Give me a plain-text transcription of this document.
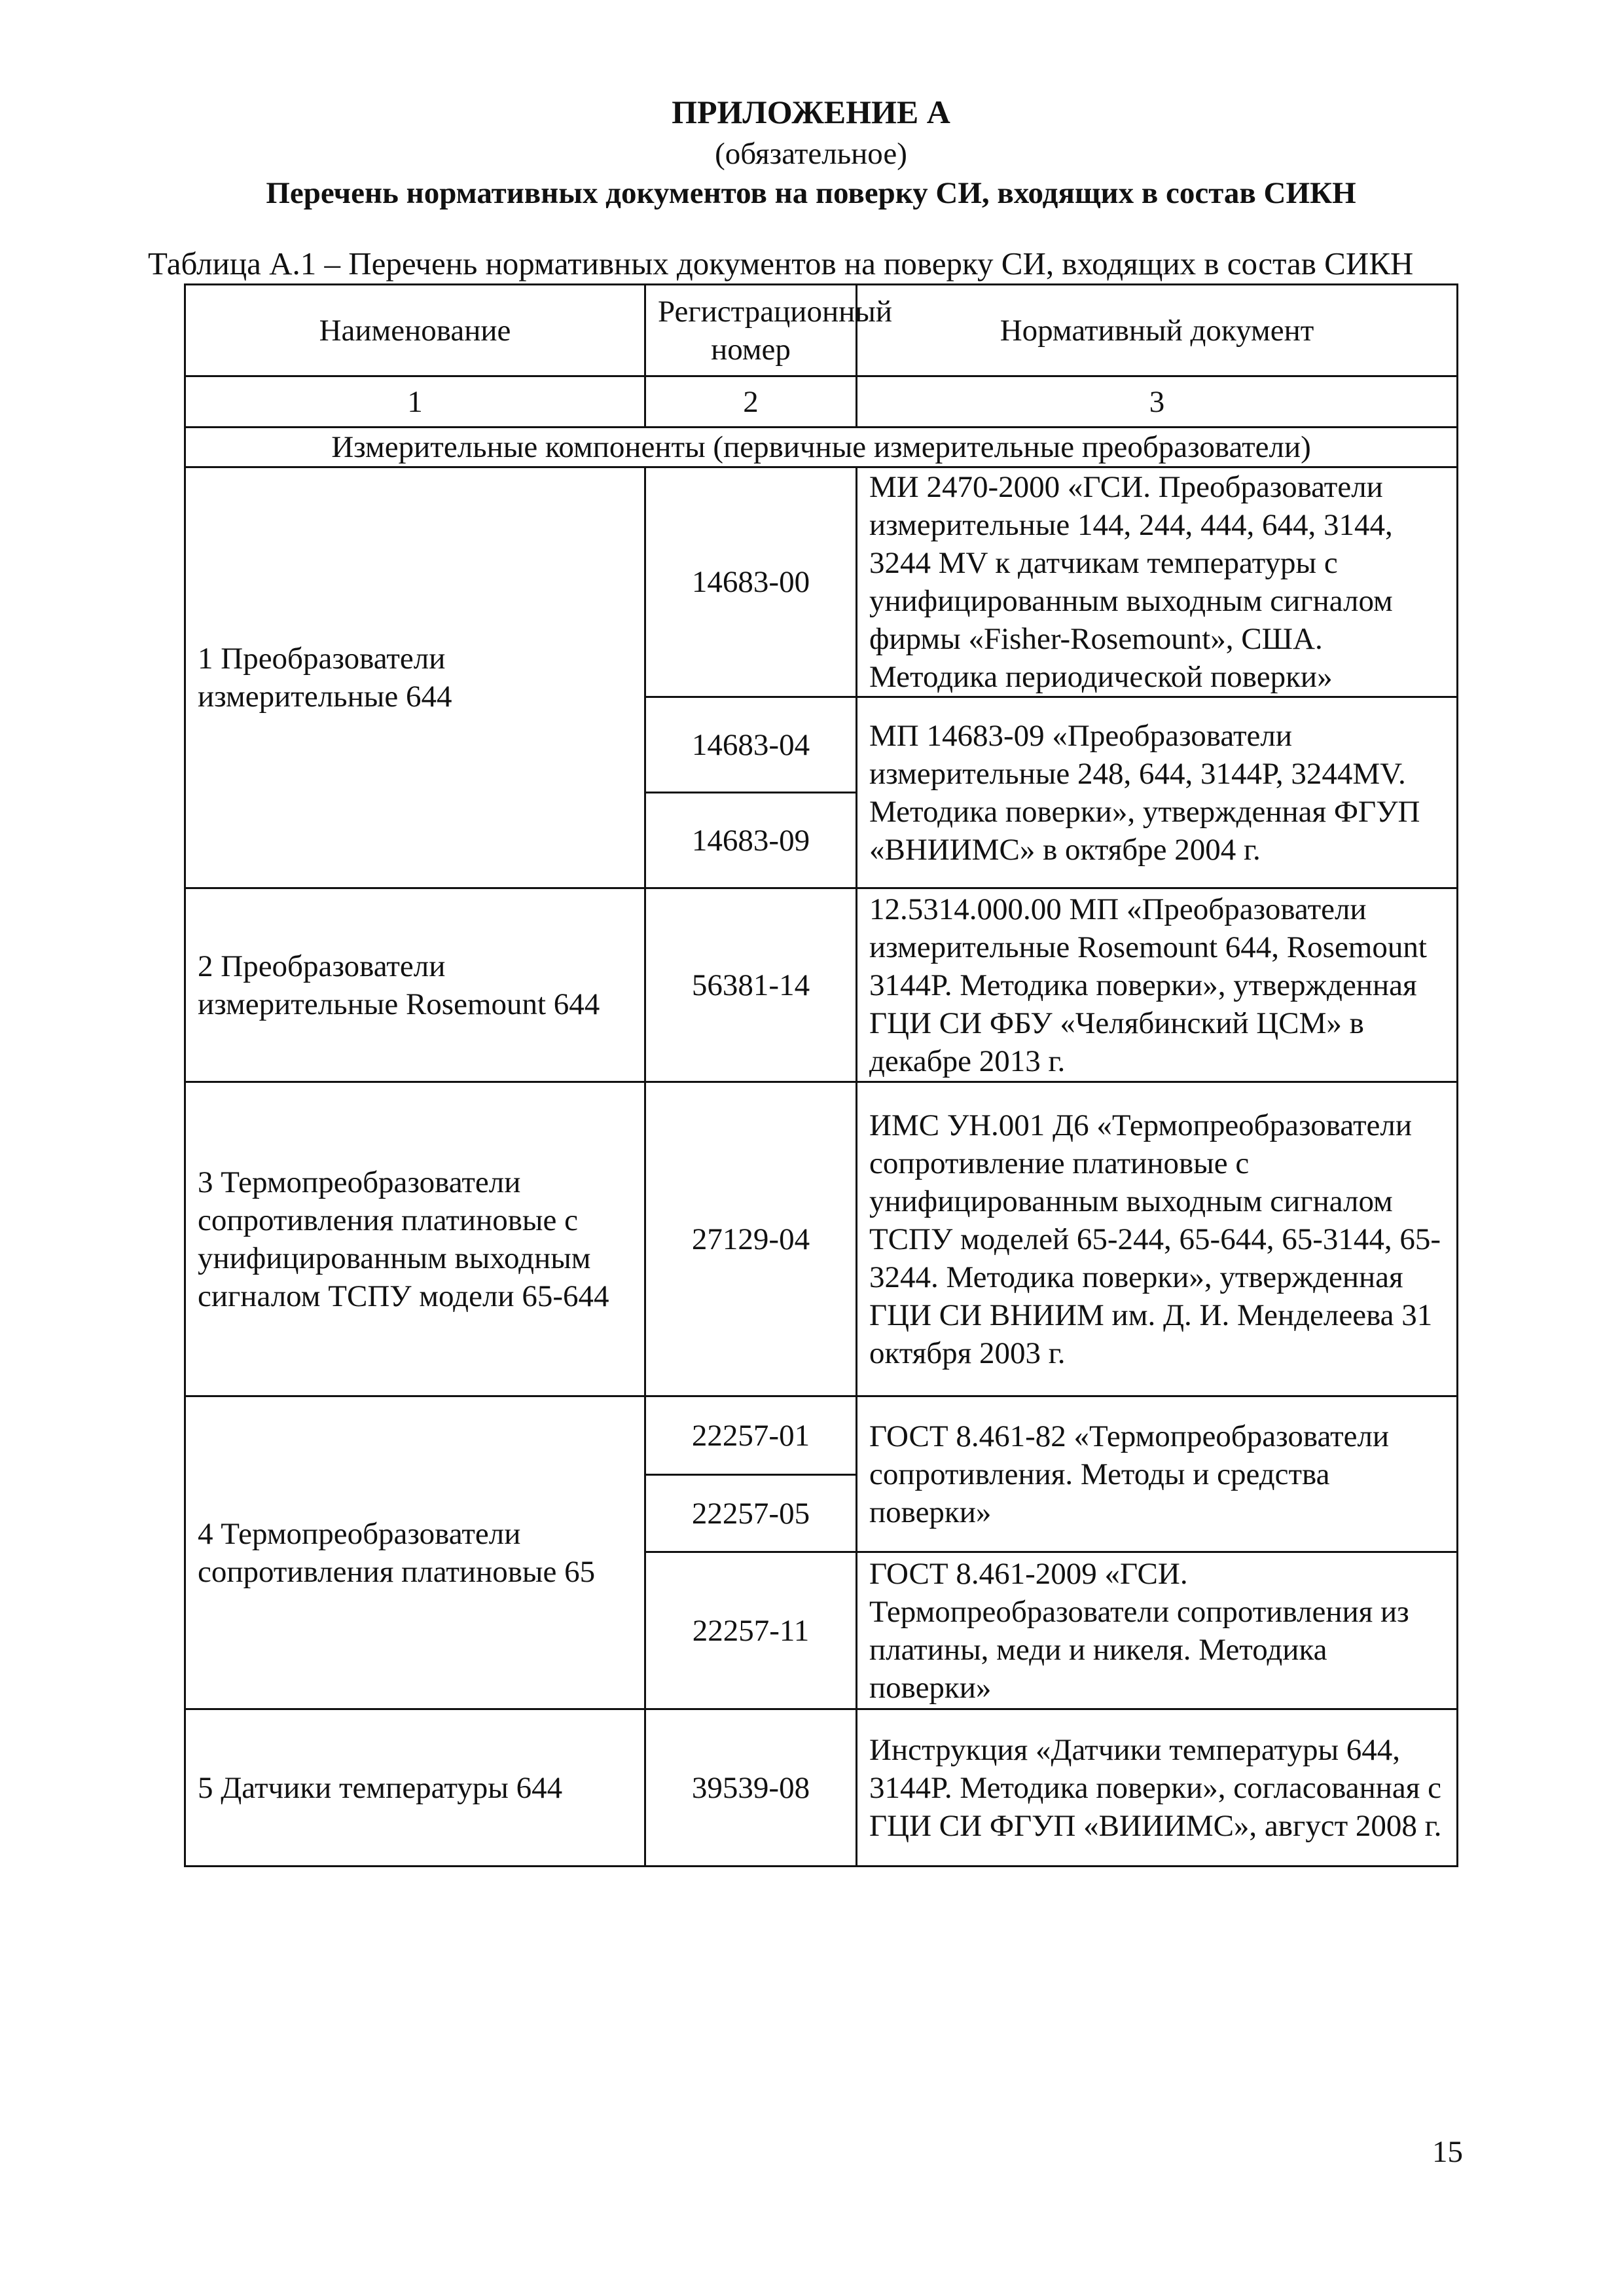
ПРИЛОЖЕНИЕ А
(обязательное)
Перечень нормативных документов на поверку СИ, входящих в состав СИКН
Таблица А.1 – Перечень нормативных документов на поверку СИ, входящих в состав СИКН
Наименование	Регистрационный номер	Нормативный документ
1	2	3
Измерительные компоненты (первичные измерительные преобразователи)		
1 Преобразователи измерительные 644	14683-00	МИ 2470-2000 «ГСИ. Преобразователи измерительные 144, 244, 444, 644, 3144, 3244 MV к датчикам температуры с унифицированным выходным сигналом фирмы «Fisher-Rosemount», США. Методика периодической поверки»
	14683-04	МП 14683-09 «Преобразователи измерительные 248, 644, 3144P, 3244MV. Методика поверки», утвержденная ФГУП «ВНИИМС» в октябре 2004 г.
	14683-09	
2 Преобразователи измерительные Rosemount 644	56381-14	12.5314.000.00 МП «Преобразователи измерительные Rosemount 644, Rosemount 3144P. Методика поверки», утвержденная ГЦИ СИ ФБУ «Челябинский ЦСМ» в декабре 2013 г.
3 Термопреобразователи сопротивления платиновые с унифицированным выходным сигналом ТСПУ модели 65-644	27129-04	ИМС УН.001 Д6 «Термопреобразователи сопротивление платиновые с унифицированным выходным сигналом ТСПУ моделей 65-244, 65-644, 65-3144, 65-3244. Методика поверки», утвержденная ГЦИ СИ ВНИИМ им. Д. И. Менделеева 31 октября 2003 г.
4 Термопреобразователи сопротивления платиновые 65	22257-01	ГОСТ 8.461-82 «Термопреобразователи сопротивления. Методы и средства поверки»
	22257-05	
	22257-11	ГОСТ 8.461-2009 «ГСИ. Термопреобразователи сопротивления из платины, меди и никеля. Методика поверки»
5 Датчики температуры 644	39539-08	Инструкция «Датчики температуры 644, 3144P. Методика поверки», согласованная с ГЦИ СИ ФГУП «ВИИИМС», август 2008 г.
15
